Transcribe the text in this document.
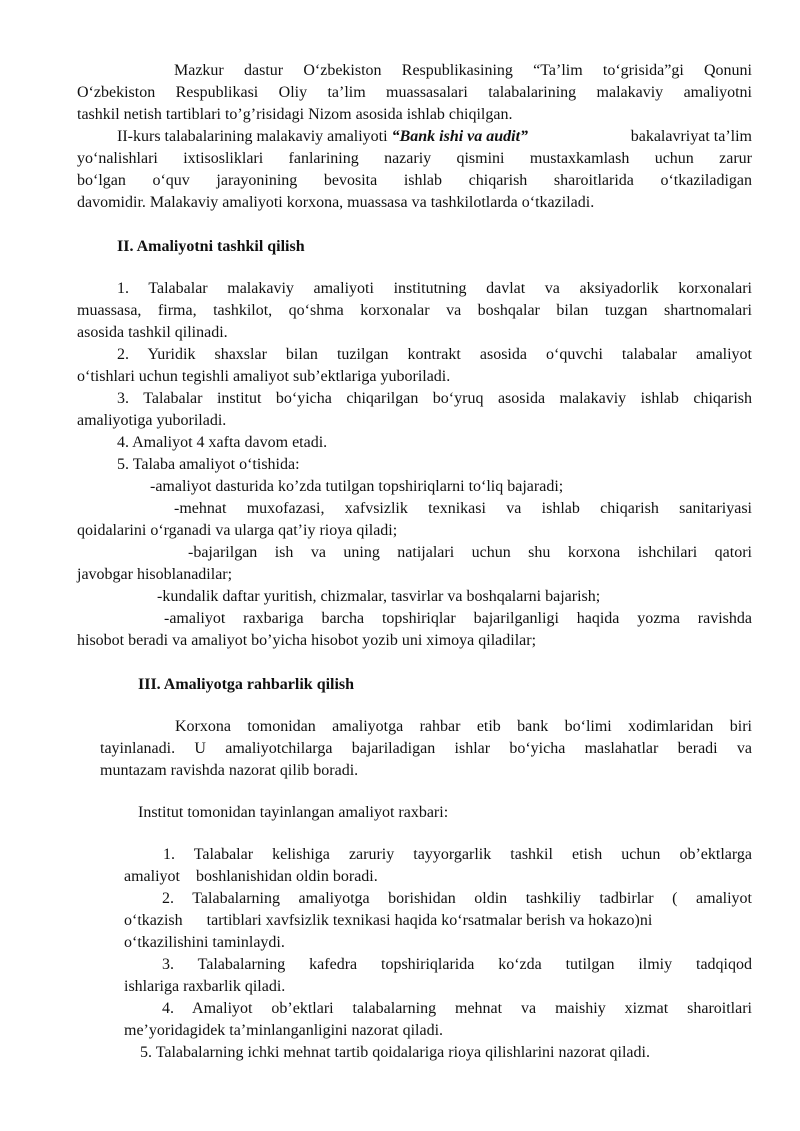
Mazkur dastur O‘zbekiston Respublikasining “Ta’lim to‘grisida”gi Qonuni
O‘zbekiston Respublikasi Oliy ta’lim muassasalari talabalarining malakaviy amaliyotni
tashkil netish tartiblari to’g’risidagi Nizom asosida ishlab chiqilgan.
II-kurs talabalarining malakaviy amaliyoti “Bank ishi va audit”	bakalavriyat ta’lim
yo‘nalishlari ixtisosliklari fanlarining nazariy qismini mustaxkamlash uchun zarur
bo‘lgan o‘quv jarayonining bevosita ishlab chiqarish sharoitlarida o‘tkaziladigan
davomidir. Malakaviy amaliyoti korxona, muassasa va tashkilotlarda o‘tkaziladi.
II. Amaliyotni tashkil qilish
1. Talabalar malakaviy amaliyoti institutning davlat va aksiyadorlik korxonalari
muassasa, firma, tashkilot, qo‘shma korxonalar va boshqalar bilan tuzgan shartnomalari
asosida tashkil qilinadi.
2. Yuridik shaxslar bilan tuzilgan kontrakt asosida o‘quvchi talabalar amaliyot
o‘tishlari uchun tegishli amaliyot sub’ektlariga yuboriladi.
3. Talabalar institut bo‘yicha chiqarilgan bo‘yruq asosida malakaviy ishlab chiqarish
amaliyotiga yuboriladi.
4. Amaliyot 4 xafta davom etadi.
5. Talaba amaliyot o‘tishida:
-amaliyot dasturida ko’zda tutilgan topshiriqlarni to‘liq bajaradi;
-mehnat muxofazasi, xafvsizlik texnikasi va ishlab chiqarish sanitariyasi
qoidalarini o‘rganadi va ularga qat’iy rioya qiladi;
-bajarilgan ish va uning natijalari uchun shu korxona ishchilari qatori
javobgar hisoblanadilar;
-kundalik daftar yuritish, chizmalar, tasvirlar va boshqalarni bajarish;
-amaliyot raxbariga barcha topshiriqlar bajarilganligi haqida yozma ravishda
hisobot beradi va amaliyot bo’yicha hisobot yozib uni ximoya qiladilar;
III. Amaliyotga rahbarlik qilish
Korxona tomonidan amaliyotga rahbar etib bank bo‘limi xodimlaridan biri
tayinlanadi. U amaliyotchilarga bajariladigan ishlar bo‘yicha maslahatlar beradi va
muntazam ravishda nazorat qilib boradi.
Institut tomonidan tayinlangan amaliyot raxbari:
1. Talabalar kelishiga zaruriy tayyorgarlik tashkil etish uchun ob’ektlarga
amaliyot    boshlanishidan oldin boradi.
2. Talabalarning amaliyotga borishidan oldin tashkiliy tadbirlar ( amaliyot
o‘tkazish      tartiblari xavfsizlik texnikasi haqida ko‘rsatmalar berish va hokazo)ni
o‘tkazilishini taminlaydi.
3. Talabalarning kafedra topshiriqlarida ko‘zda tutilgan ilmiy tadqiqod
ishlariga raxbarlik qiladi.
4. Amaliyot ob’ektlari talabalarning mehnat va maishiy xizmat sharoitlari
me’yoridagidek ta’minlanganligini nazorat qiladi.
5. Talabalarning ichki mehnat tartib qoidalariga rioya qilishlarini nazorat qiladi.
